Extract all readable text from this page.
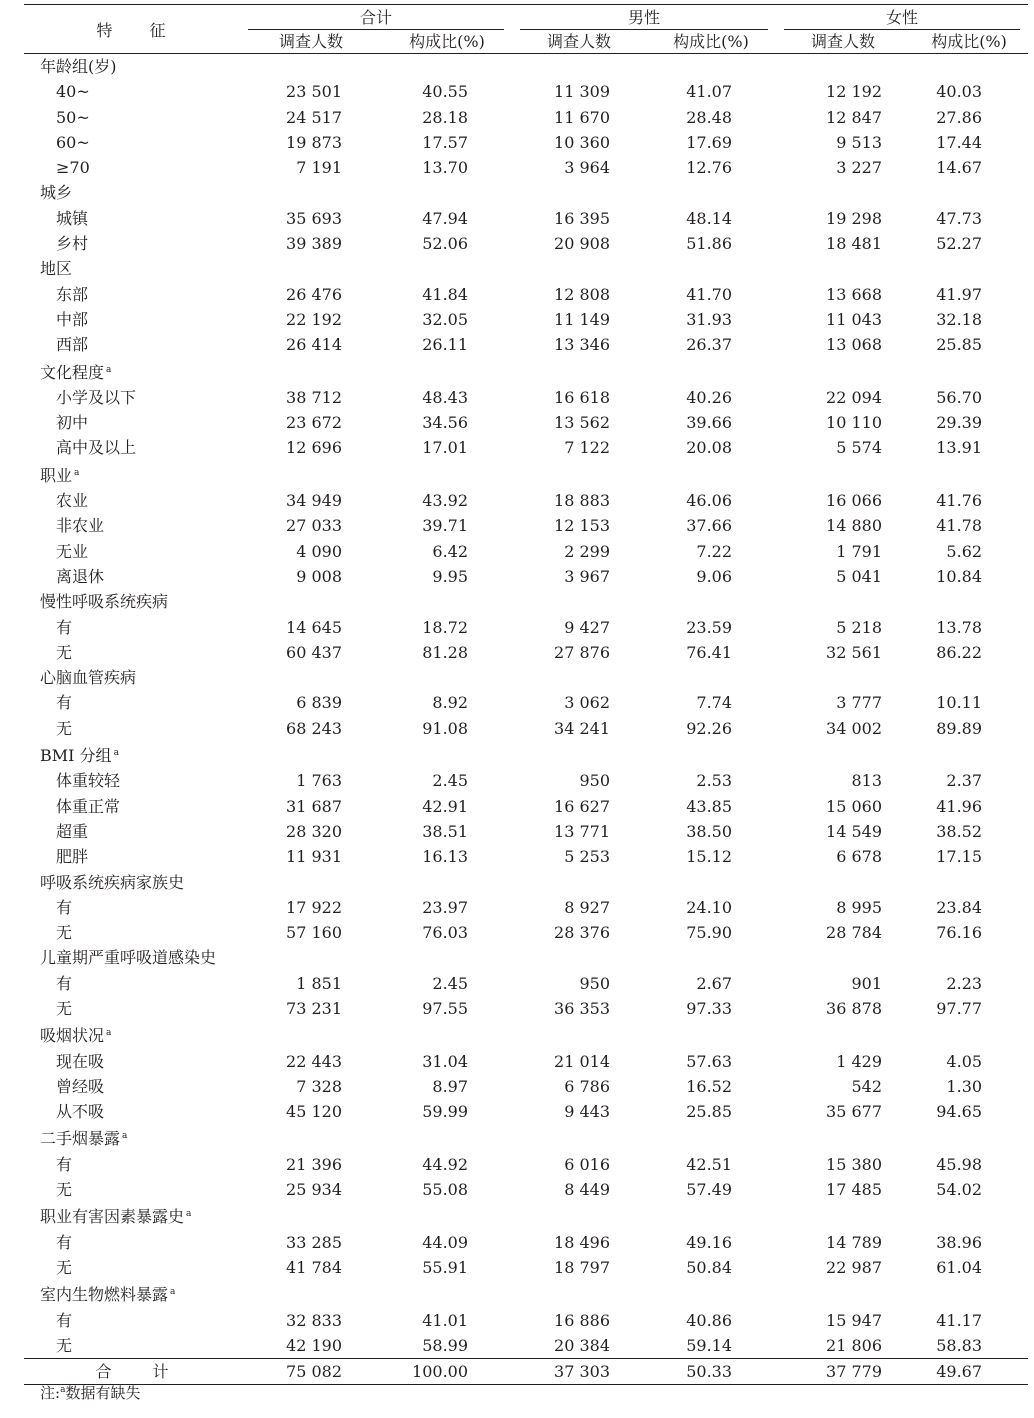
特 征	合计		男性		女性	

	调查人数	构成比(%)	调查人数	构成比(%)	调查人数	构成比(%)
年龄组(岁)						
40~	23 501	40.55	11 309	41.07	12 192	40.03
50~	24 517	28.18	11 670	28.48	12 847	27.86
60~	19 873	17.57	10 360	17.69	9 513	17.44
≥70	7 191	13.70	3 964	12.76	3 227	14.67
城乡						
城镇	35 693	47.94	16 395	48.14	19 298	47.73
乡村	39 389	52.06	20 908	51.86	18 481	52.27
地区						
东部	26 476	41.84	12 808	41.70	13 668	41.97
中部	22 192	32.05	11 149	31.93	11 043	32.18
西部	26 414	26.11	13 346	26.37	13 068	25.85
文化程度 $^a$
小学及以下	38 712	48.43	16 618	40.26	22 094	56.70
初中	23 672	34.56	13 562	39.66	10 110	29.39
高中及以上	12 696	17.01	7 122	20.08	5 574	13.91
职业 $^a$
农业	34 949	43.92	18 883	46.06	16 066	41.76
非农业	27 033	39.71	12 153	37.66	14 880	41.78
无业	4 090	6.42	2 299	7.22	1 791	5.62
离退休	9 008	9.95	3 967	9.06	5 041	10.84
慢性呼吸系统疾病						
有	14 645	18.72	9 427	23.59	5 218	13.78
无	60 437	81.28	27 876	76.41	32 561	86.22
心脑血管疾病						
有	6 839	8.92	3 062	7.74	3 777	10.11
无	68 243	91.08	34 241	92.26	34 002	89.89
BMI 分组 $^a$
体重较轻	1 763	2.45	950	2.53	813	2.37
体重正常	31 687	42.91	16 627	43.85	15 060	41.96
超重	28 320	38.51	13 771	38.50	14 549	38.52
肥胖	11 931	16.13	5 253	15.12	6 678	17.15
呼吸系统疾病家族史						
有	17 922	23.97	8 927	24.10	8 995	23.84
无	57 160	76.03	28 376	75.90	28 784	76.16
儿童期严重呼吸道感染史						
有	1 851	2.45	950	2.67	901	2.23
无	73 231	97.55	36 353	97.33	36 878	97.77
吸烟状况 $^a$
现在吸	22 443	31.04	21 014	57.63	1 429	4.05
曾经吸	7 328	8.97	6 786	16.52	542	1.30
从不吸	45 120	59.99	9 443	25.85	35 677	94.65
二手烟暴露 $^a$
有	21 396	44.92	6 016	42.51	15 380	45.98
无	25 934	55.08	8 449	57.49	17 485	54.02
职业有害因素暴露史 $^a$
有	33 285	44.09	18 496	49.16	14 789	38.96
无	41 784	55.91	18 797	50.84	22 987	61.04
室内生物燃料暴露 $^a$
有	32 833	41.01	16 886	40.86	15 947	41.17
无	42 190	58.99	20 384	59.14	21 806	58.83
合 计	75 082	100.00	37 303	50.33	37 779	49.67
注:$^a$数据有缺失
